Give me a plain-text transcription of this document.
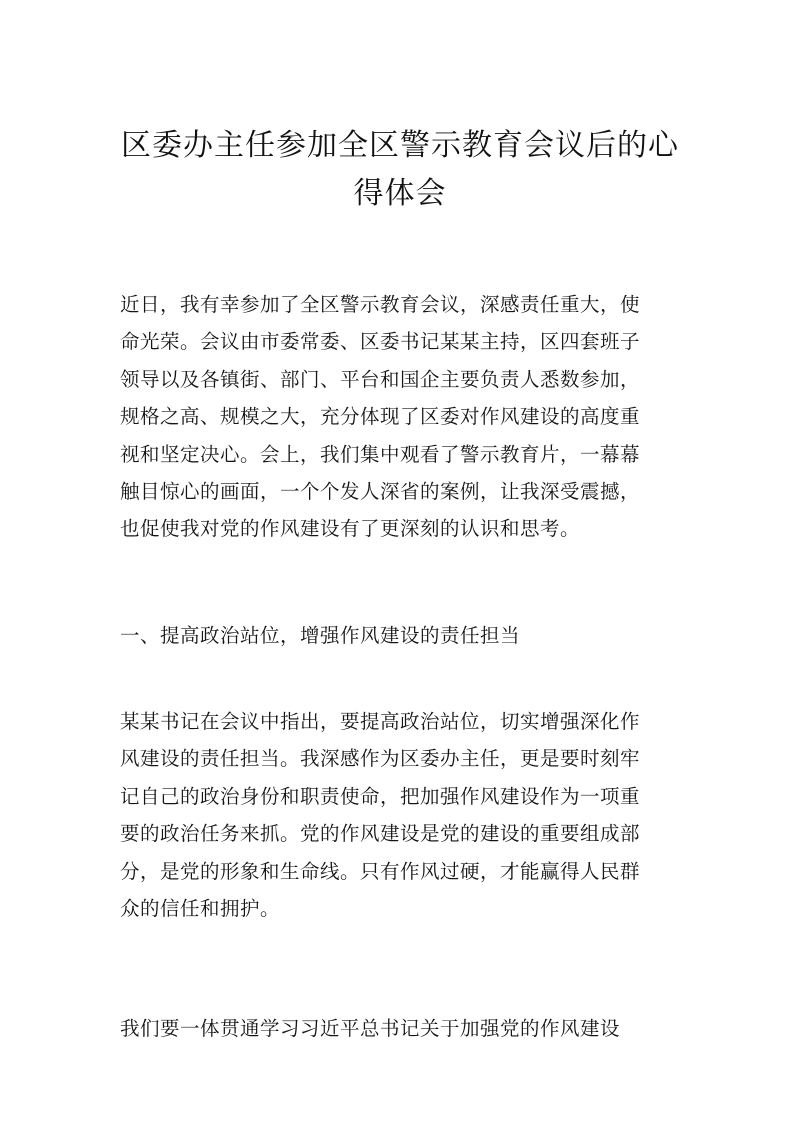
区委办主任参加全区警示教育会议后的心
得体会
近日，我有幸参加了全区警示教育会议，深感责任重大，使
命光荣。会议由市委常委、区委书记某某主持，区四套班子
领导以及各镇街、部门、平台和国企主要负责人悉数参加，
规格之高、规模之大，充分体现了区委对作风建设的高度重
视和坚定决心。会上，我们集中观看了警示教育片，一幕幕
触目惊心的画面，一个个发人深省的案例，让我深受震撼，
也促使我对党的作风建设有了更深刻的认识和思考。
一、提高政治站位，增强作风建设的责任担当
某某书记在会议中指出，要提高政治站位，切实增强深化作
风建设的责任担当。我深感作为区委办主任，更是要时刻牢
记自己的政治身份和职责使命，把加强作风建设作为一项重
要的政治任务来抓。党的作风建设是党的建设的重要组成部
分，是党的形象和生命线。只有作风过硬，才能赢得人民群
众的信任和拥护。
我们要一体贯通学习习近平总书记关于加强党的作风建设
